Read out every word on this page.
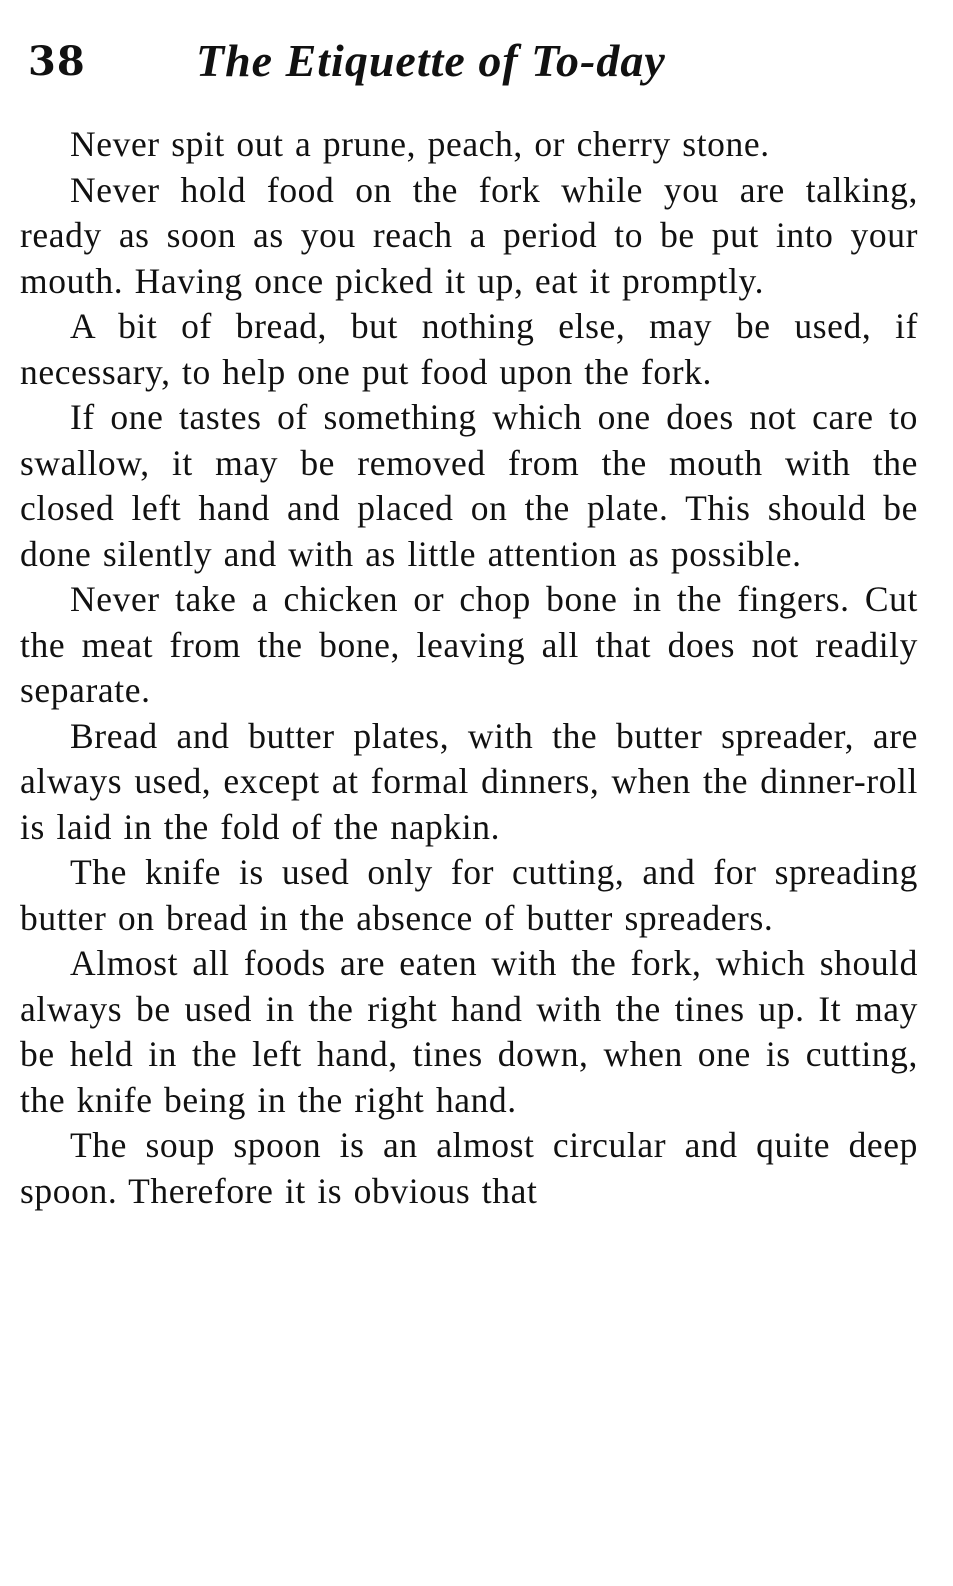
38 The Etiquette of To-day

Never spit out a prune, peach, or cherry stone.

Never hold food on the fork while you are talking, ready as soon as you reach a period to be put into your mouth. Having once picked it up, eat it promptly.

A bit of bread, but nothing else, may be used, if necessary, to help one put food upon the fork.

If one tastes of something which one does not care to swallow, it may be removed from the mouth with the closed left hand and placed on the plate. This should be done silently and with as little attention as possible.

Never take a chicken or chop bone in the fingers. Cut the meat from the bone, leaving all that does not readily separate.

Bread and butter plates, with the butter spreader, are always used, except at formal dinners, when the dinner-roll is laid in the fold of the napkin.

The knife is used only for cutting, and for spreading butter on bread in the absence of butter spreaders.

Almost all foods are eaten with the fork, which should always be used in the right hand with the tines up. It may be held in the left hand, tines down, when one is cutting, the knife being in the right hand.

The soup spoon is an almost circular and quite deep spoon. Therefore it is obvious that
